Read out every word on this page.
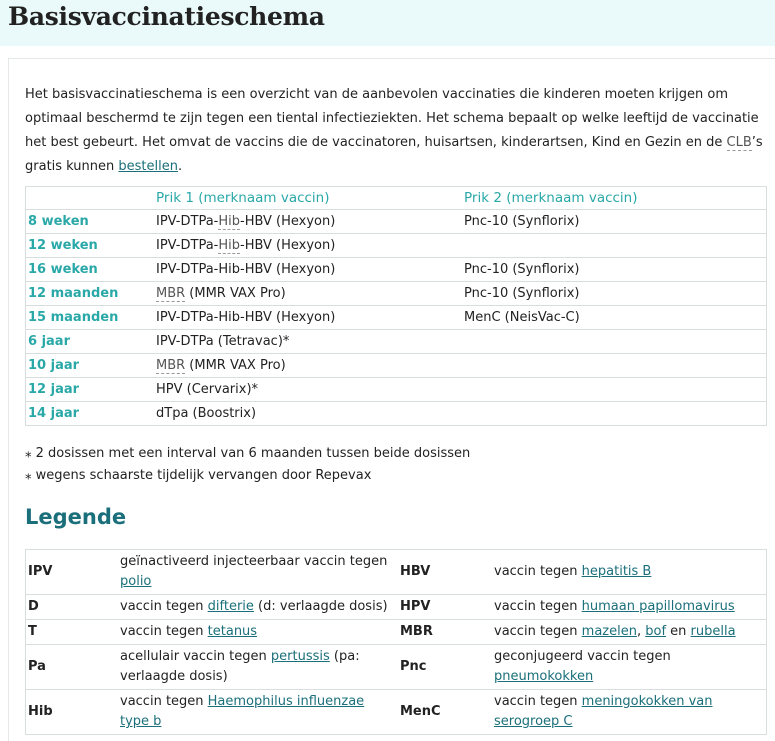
Basisvaccinatieschema

Het basisvaccinatieschema is een overzicht van de aanbevolen vaccinaties die kinderen moeten krijgen om optimaal beschermd te zijn tegen een tiental infectieziekten. Het schema bepaalt op welke leeftijd de vaccinatie het best gebeurt. Het omvat de vaccins die de vaccinatoren, huisartsen, kinderartsen, Kind en Gezin en de CLB’s gratis kunnen bestellen.

	Prik 1 (merknaam vaccin)	Prik 2 (merknaam vaccin)
8 weken	IPV-DTPa-Hib-HBV (Hexyon)	Pnc-10 (Synflorix)
12 weken	IPV-DTPa-Hib-HBV (Hexyon)	
16 weken	IPV-DTPa-Hib-HBV (Hexyon)	Pnc-10 (Synflorix)
12 maanden	MBR (MMR VAX Pro)	Pnc-10 (Synflorix)
15 maanden	IPV-DTPa-Hib-HBV (Hexyon)	MenC (NeisVac-C)
6 jaar	IPV-DTPa (Tetravac)*	
10 jaar	MBR (MMR VAX Pro)	
12 jaar	HPV (Cervarix)*	
14 jaar	dTpa (Boostrix)	
⁎ 2 dosissen met een interval van 6 maanden tussen beide dosissen
⁎ wegens schaarste tijdelijk vervangen door Repevax
Legende
IPV	geïnactiveerd injecteerbaar vaccin tegen polio	HBV	vaccin tegen hepatitis B
D	vaccin tegen difterie (d: verlaagde dosis)	HPV	vaccin tegen humaan papillomavirus
T	vaccin tegen tetanus	MBR	vaccin tegen mazelen, bof en rubella
Pa	acellulair vaccin tegen pertussis (pa: verlaagde dosis)	Pnc	geconjugeerd vaccin tegen pneumokokken
Hib	vaccin tegen Haemophilus influenzae type b	MenC	vaccin tegen meningokokken van serogroep C
